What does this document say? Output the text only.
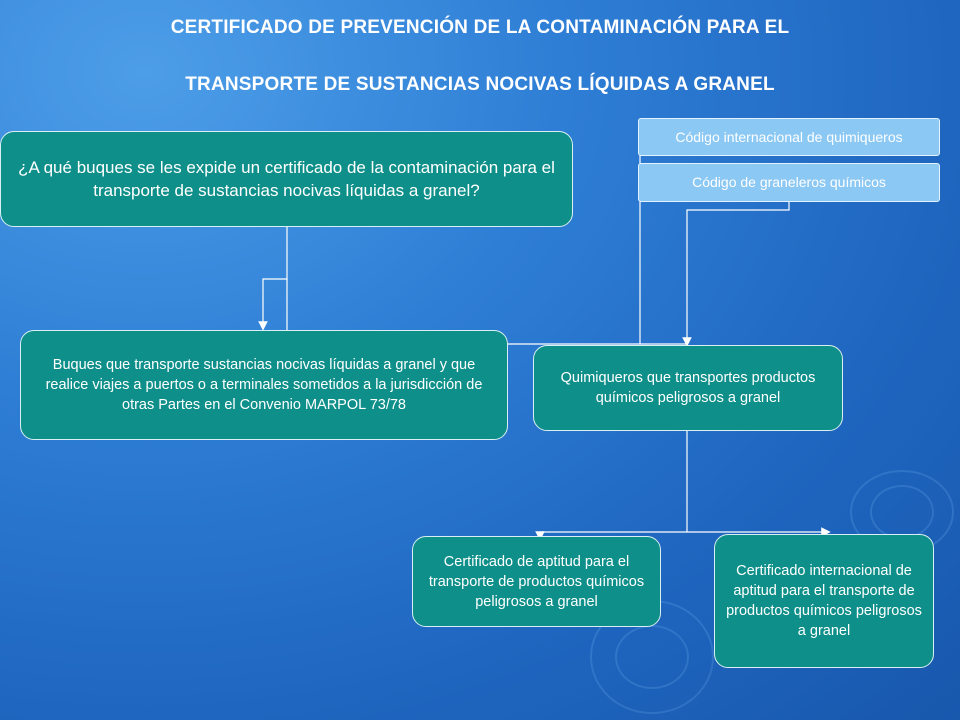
CERTIFICADO DE PREVENCIÓN DE LA CONTAMINACIÓN PARA EL
TRANSPORTE DE SUSTANCIAS NOCIVAS LÍQUIDAS A GRANEL
Código internacional de quimiqueros
Código de graneleros químicos
¿A qué buques se les expide un certificado de la contaminación para el transporte de sustancias nocivas líquidas a granel?
Buques que transporte sustancias nocivas líquidas a granel y que realice viajes a puertos o a terminales sometidos a la jurisdicción de otras Partes en el Convenio MARPOL 73/78
Quimiqueros que transportes productos químicos peligrosos a granel
Certificado de aptitud para el transporte de productos químicos peligrosos a granel
Certificado internacional de aptitud para el transporte de productos químicos peligrosos a granel
